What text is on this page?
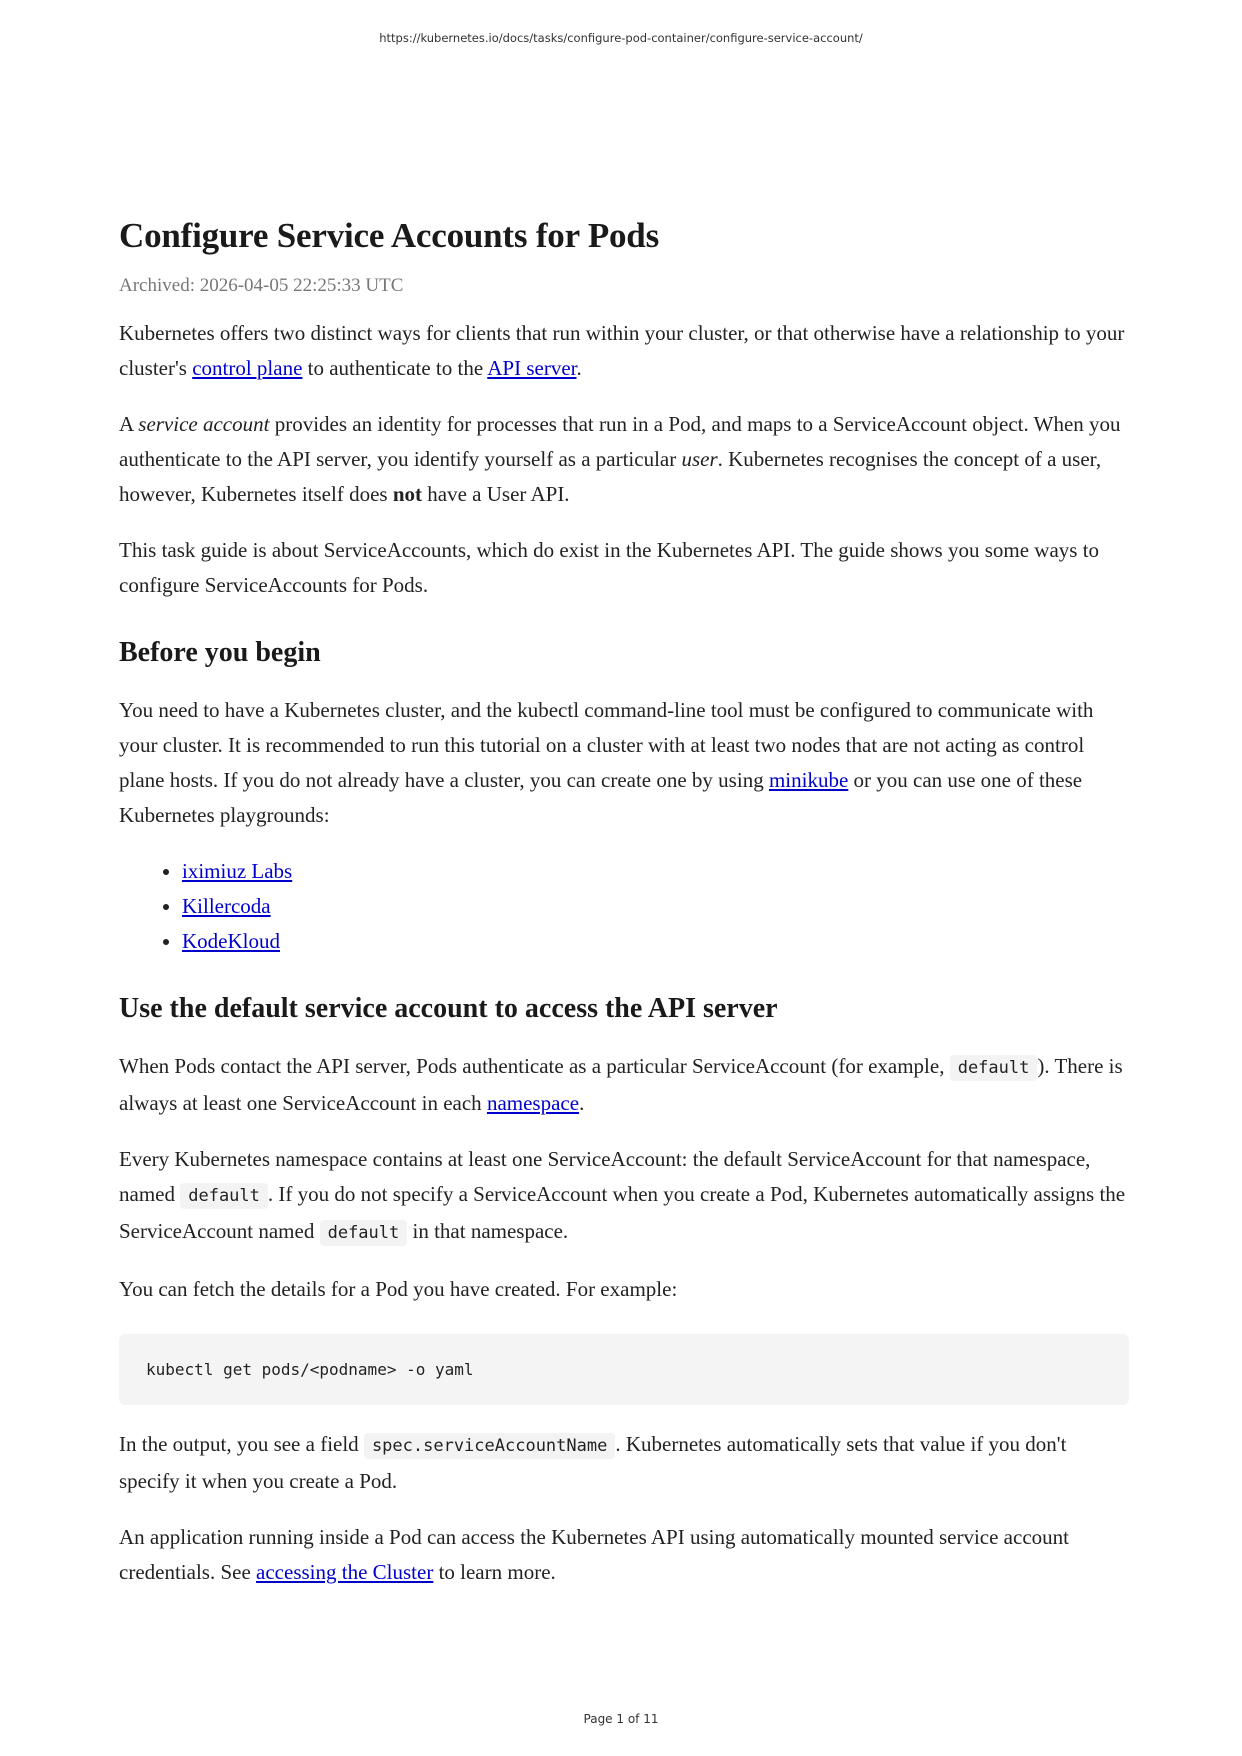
https://kubernetes.io/docs/tasks/configure-pod-container/configure-service-account/
Configure Service Accounts for Pods
Archived: 2026-04-05 22:25:33 UTC

Kubernetes offers two distinct ways for clients that run within your cluster, or that otherwise have a relationship to your cluster's control plane to authenticate to the API server.

A service account provides an identity for processes that run in a Pod, and maps to a ServiceAccount object. When you authenticate to the API server, you identify yourself as a particular user. Kubernetes recognises the concept of a user, however, Kubernetes itself does not have a User API.

This task guide is about ServiceAccounts, which do exist in the Kubernetes API. The guide shows you some ways to configure ServiceAccounts for Pods.

Before you begin

You need to have a Kubernetes cluster, and the kubectl command-line tool must be configured to communicate with your cluster. It is recommended to run this tutorial on a cluster with at least two nodes that are not acting as control plane hosts. If you do not already have a cluster, you can create one by using minikube or you can use one of these Kubernetes playgrounds:

• iximiuz Labs
• Killercoda
• KodeKloud
Use the default service account to access the API server

When Pods contact the API server, Pods authenticate as a particular ServiceAccount (for example, default ). There is always at least one ServiceAccount in each namespace.

Every Kubernetes namespace contains at least one ServiceAccount: the default ServiceAccount for that namespace, named default . If you do not specify a ServiceAccount when you create a Pod, Kubernetes automatically assigns the ServiceAccount named default in that namespace.

You can fetch the details for a Pod you have created. For example:

kubectl get pods/<podname> -o yaml

In the output, you see a field spec.serviceAccountName . Kubernetes automatically sets that value if you don't specify it when you create a Pod.

An application running inside a Pod can access the Kubernetes API using automatically mounted service account credentials. See accessing the Cluster to learn more.

Page 1 of 11
